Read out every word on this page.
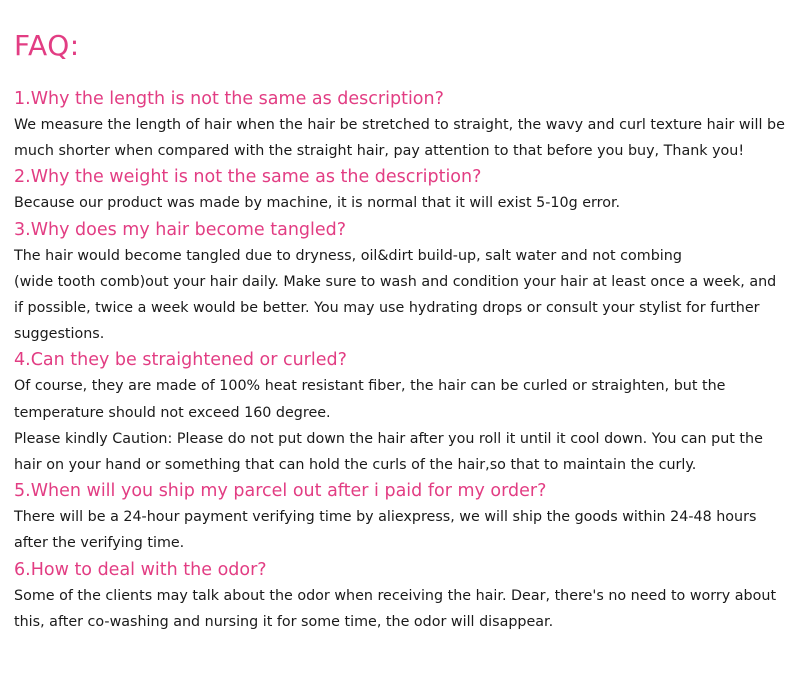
FAQ:
1.Why the length is not the same as description?
We measure the length of hair when the hair be stretched to straight, the wavy and curl texture hair will be much shorter when compared with the straight hair, pay attention to that before you buy, Thank you!
2.Why the weight is not the same as the description?
Because our product was made by machine, it is normal that it will exist 5-10g error.
3.Why does my hair become tangled?
The hair would become tangled due to dryness, oil&dirt build-up, salt water and not combing
(wide tooth comb)out your hair daily. Make sure to wash and condition your hair at least once a week, and if possible, twice a week would be better. You may use hydrating drops or consult your stylist for further suggestions.
4.Can they be straightened or curled?
Of course, they are made of 100% heat resistant fiber, the hair can be curled or straighten, but the temperature should not exceed 160 degree.
Please kindly Caution: Please do not put down the hair after you roll it until it cool down. You can put the hair on your hand or something that can hold the curls of the hair,so that to maintain the curly.
5.When will you ship my parcel out after i paid for my order?
There will be a 24-hour payment verifying time by aliexpress, we will ship the goods within 24-48 hours after the verifying time.
6.How to deal with the odor?
Some of the clients may talk about the odor when receiving the hair. Dear, there's no need to worry about this, after co-washing and nursing it for some time, the odor will disappear.
